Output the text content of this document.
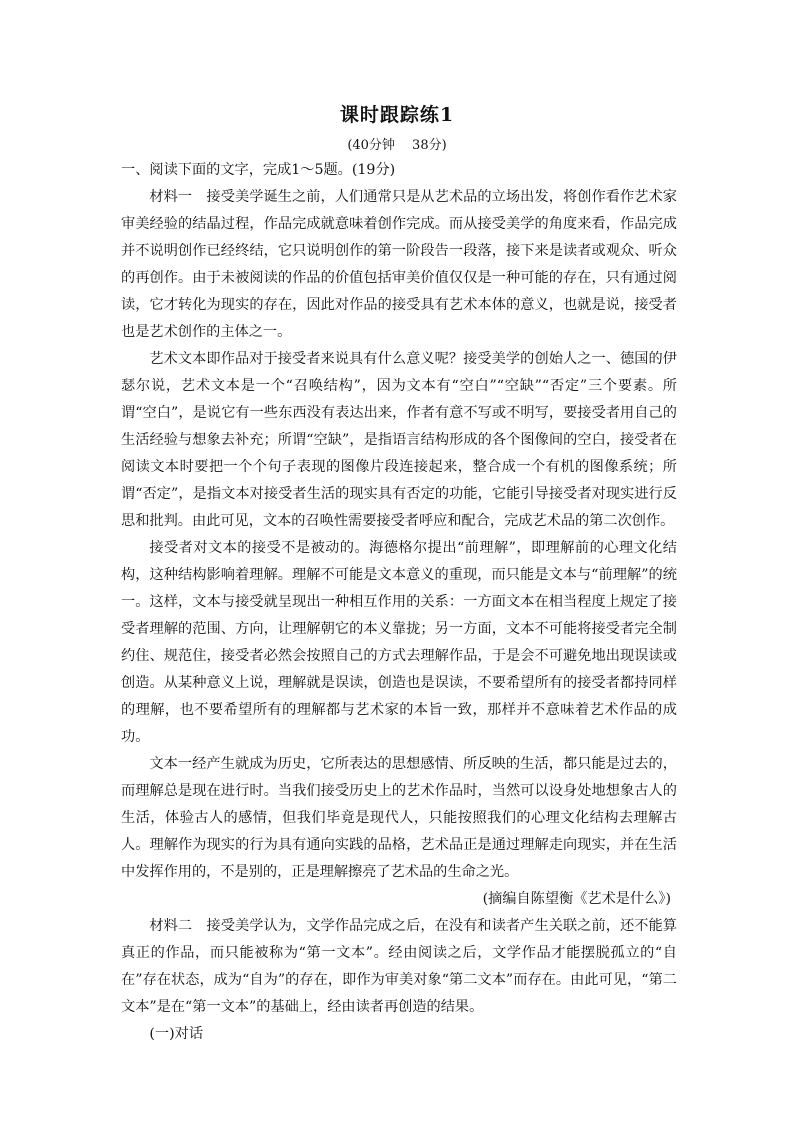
课时跟踪练1
(40分钟　 38分)

一、阅读下面的文字，完成1～5题。(19分)

材料一　接受美学诞生之前，人们通常只是从艺术品的立场出发，将创作看作艺术家审美经验的结晶过程，作品完成就意味着创作完成。而从接受美学的角度来看，作品完成并不说明创作已经终结，它只说明创作的第一阶段告一段落，接下来是读者或观众、听众的再创作。由于未被阅读的作品的价值包括审美价值仅仅是一种可能的存在，只有通过阅读，它才转化为现实的存在，因此对作品的接受具有艺术本体的意义，也就是说，接受者也是艺术创作的主体之一。

艺术文本即作品对于接受者来说具有什么意义呢？接受美学的创始人之一、德国的伊瑟尔说，艺术文本是一个“召唤结构”，因为文本有“空白”“空缺”“否定”三个要素。所谓“空白”，是说它有一些东西没有表达出来，作者有意不写或不明写，要接受者用自己的生活经验与想象去补充；所谓“空缺”，是指语言结构形成的各个图像间的空白，接受者在阅读文本时要把一个个句子表现的图像片段连接起来，整合成一个有机的图像系统；所谓“否定”，是指文本对接受者生活的现实具有否定的功能，它能引导接受者对现实进行反思和批判。由此可见，文本的召唤性需要接受者呼应和配合，完成艺术品的第二次创作。

接受者对文本的接受不是被动的。海德格尔提出“前理解”，即理解前的心理文化结构，这种结构影响着理解。理解不可能是文本意义的重现，而只能是文本与“前理解”的统一。这样，文本与接受就呈现出一种相互作用的关系：一方面文本在相当程度上规定了接受者理解的范围、方向，让理解朝它的本义靠拢；另一方面，文本不可能将接受者完全制约住、规范住，接受者必然会按照自己的方式去理解作品，于是会不可避免地出现误读或创造。从某种意义上说，理解就是误读，创造也是误读，不要希望所有的接受者都持同样的理解，也不要希望所有的理解都与艺术家的本旨一致，那样并不意味着艺术作品的成功。

文本一经产生就成为历史，它所表达的思想感情、所反映的生活，都只能是过去的，而理解总是现在进行时。当我们接受历史上的艺术作品时，当然可以设身处地想象古人的生活，体验古人的感情，但我们毕竟是现代人，只能按照我们的心理文化结构去理解古人。理解作为现实的行为具有通向实践的品格，艺术品正是通过理解走向现实，并在生活中发挥作用的，不是别的，正是理解擦亮了艺术品的生命之光。

(摘编自陈望衡《艺术是什么》)

材料二　接受美学认为，文学作品完成之后，在没有和读者产生关联之前，还不能算真正的作品，而只能被称为“第一文本”。经由阅读之后，文学作品才能摆脱孤立的“自在”存在状态，成为“自为”的存在，即作为审美对象“第二文本”而存在。由此可见，“第二文本”是在“第一文本”的基础上，经由读者再创造的结果。

(一)对话
